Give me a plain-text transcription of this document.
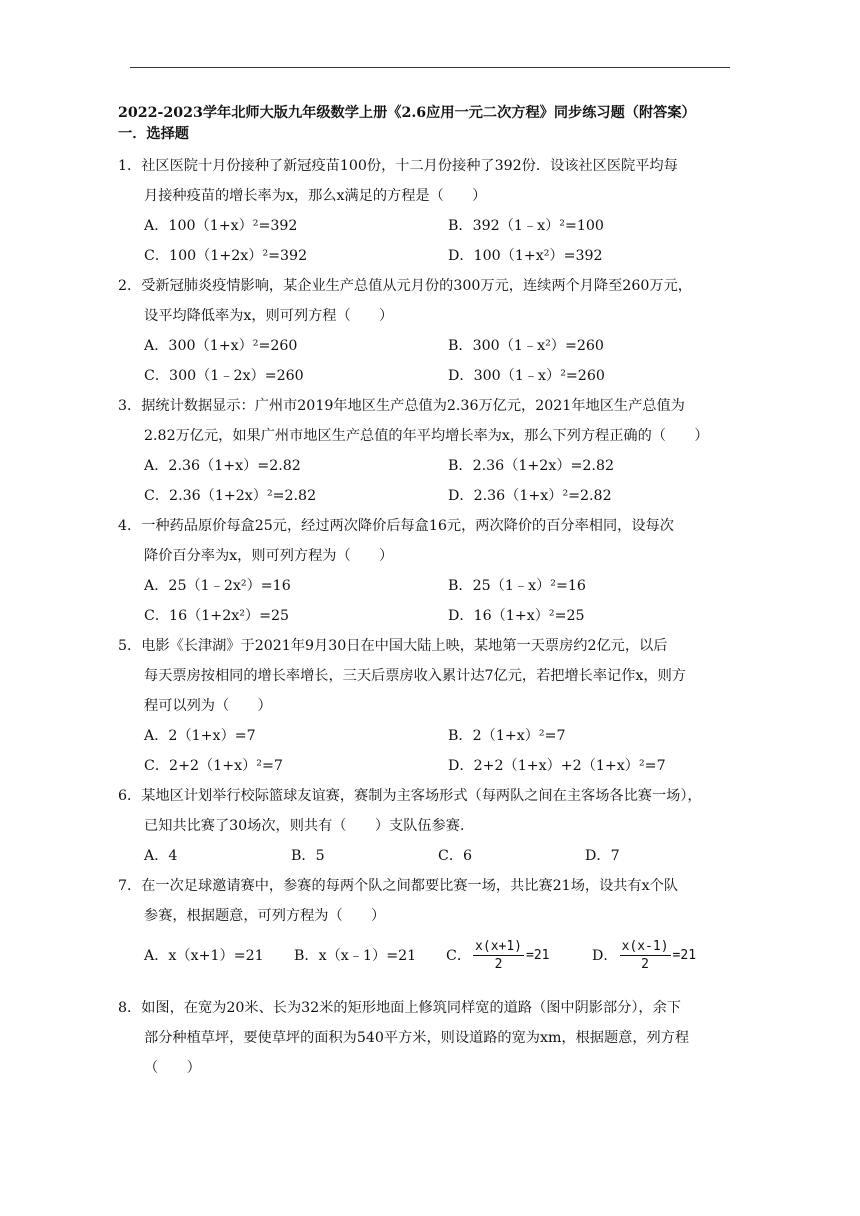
2022-2023学年北师大版九年级数学上册《2.6应用一元二次方程》同步练习题（附答案）
一．选择题
1．社区医院十月份接种了新冠疫苗100份，十二月份接种了392份．设该社区医院平均每
月接种疫苗的增长率为x，那么x满足的方程是（　　）
A．100（1+x）²=392	B．392（1﹣x）²=100
C．100（1+2x）²=392	D．100（1+x²）=392
2．受新冠肺炎疫情影响，某企业生产总值从元月份的300万元，连续两个月降至260万元，
设平均降低率为x，则可列方程（　　）
A．300（1+x）²=260	B．300（1﹣x²）=260
C．300（1﹣2x）=260	D．300（1﹣x）²=260
3．据统计数据显示：广州市2019年地区生产总值为2.36万亿元，2021年地区生产总值为
2.82万亿元，如果广州市地区生产总值的年平均增长率为x，那么下列方程正确的（　　）
A．2.36（1+x）=2.82	B．2.36（1+2x）=2.82
C．2.36（1+2x）²=2.82	D．2.36（1+x）²=2.82
4．一种药品原价每盒25元，经过两次降价后每盒16元，两次降价的百分率相同，设每次
降价百分率为x，则可列方程为（　　）
A．25（1﹣2x²）=16	B．25（1﹣x）²=16
C．16（1+2x²）=25	D．16（1+x）²=25
5．电影《长津湖》于2021年9月30日在中国大陆上映，某地第一天票房约2亿元，以后
每天票房按相同的增长率增长，三天后票房收入累计达7亿元，若把增长率记作x，则方
程可以列为（　　）
A．2（1+x）=7	B．2（1+x）²=7
C．2+2（1+x）²=7	D．2+2（1+x）+2（1+x）²=7
6．某地区计划举行校际篮球友谊赛，赛制为主客场形式（每两队之间在主客场各比赛一场），
已知共比赛了30场次，则共有（　　）支队伍参赛．
A．4	B．5	C．6	D．7
7．在一次足球邀请赛中，参赛的每两个队之间都要比赛一场，共比赛21场，设共有x个队
参赛，根据题意，可列方程为（　　）
A．x（x+1）=21	B．x（x﹣1）=21	C． $\frac{x(x+1)}{2} =21$	D． $\frac{x(x-1)}{2} =21$
8．如图，在宽为20米、长为32米的矩形地面上修筑同样宽的道路（图中阴影部分），余下
部分种植草坪，要使草坪的面积为540平方米，则设道路的宽为xm，根据题意，列方程
（　　）
